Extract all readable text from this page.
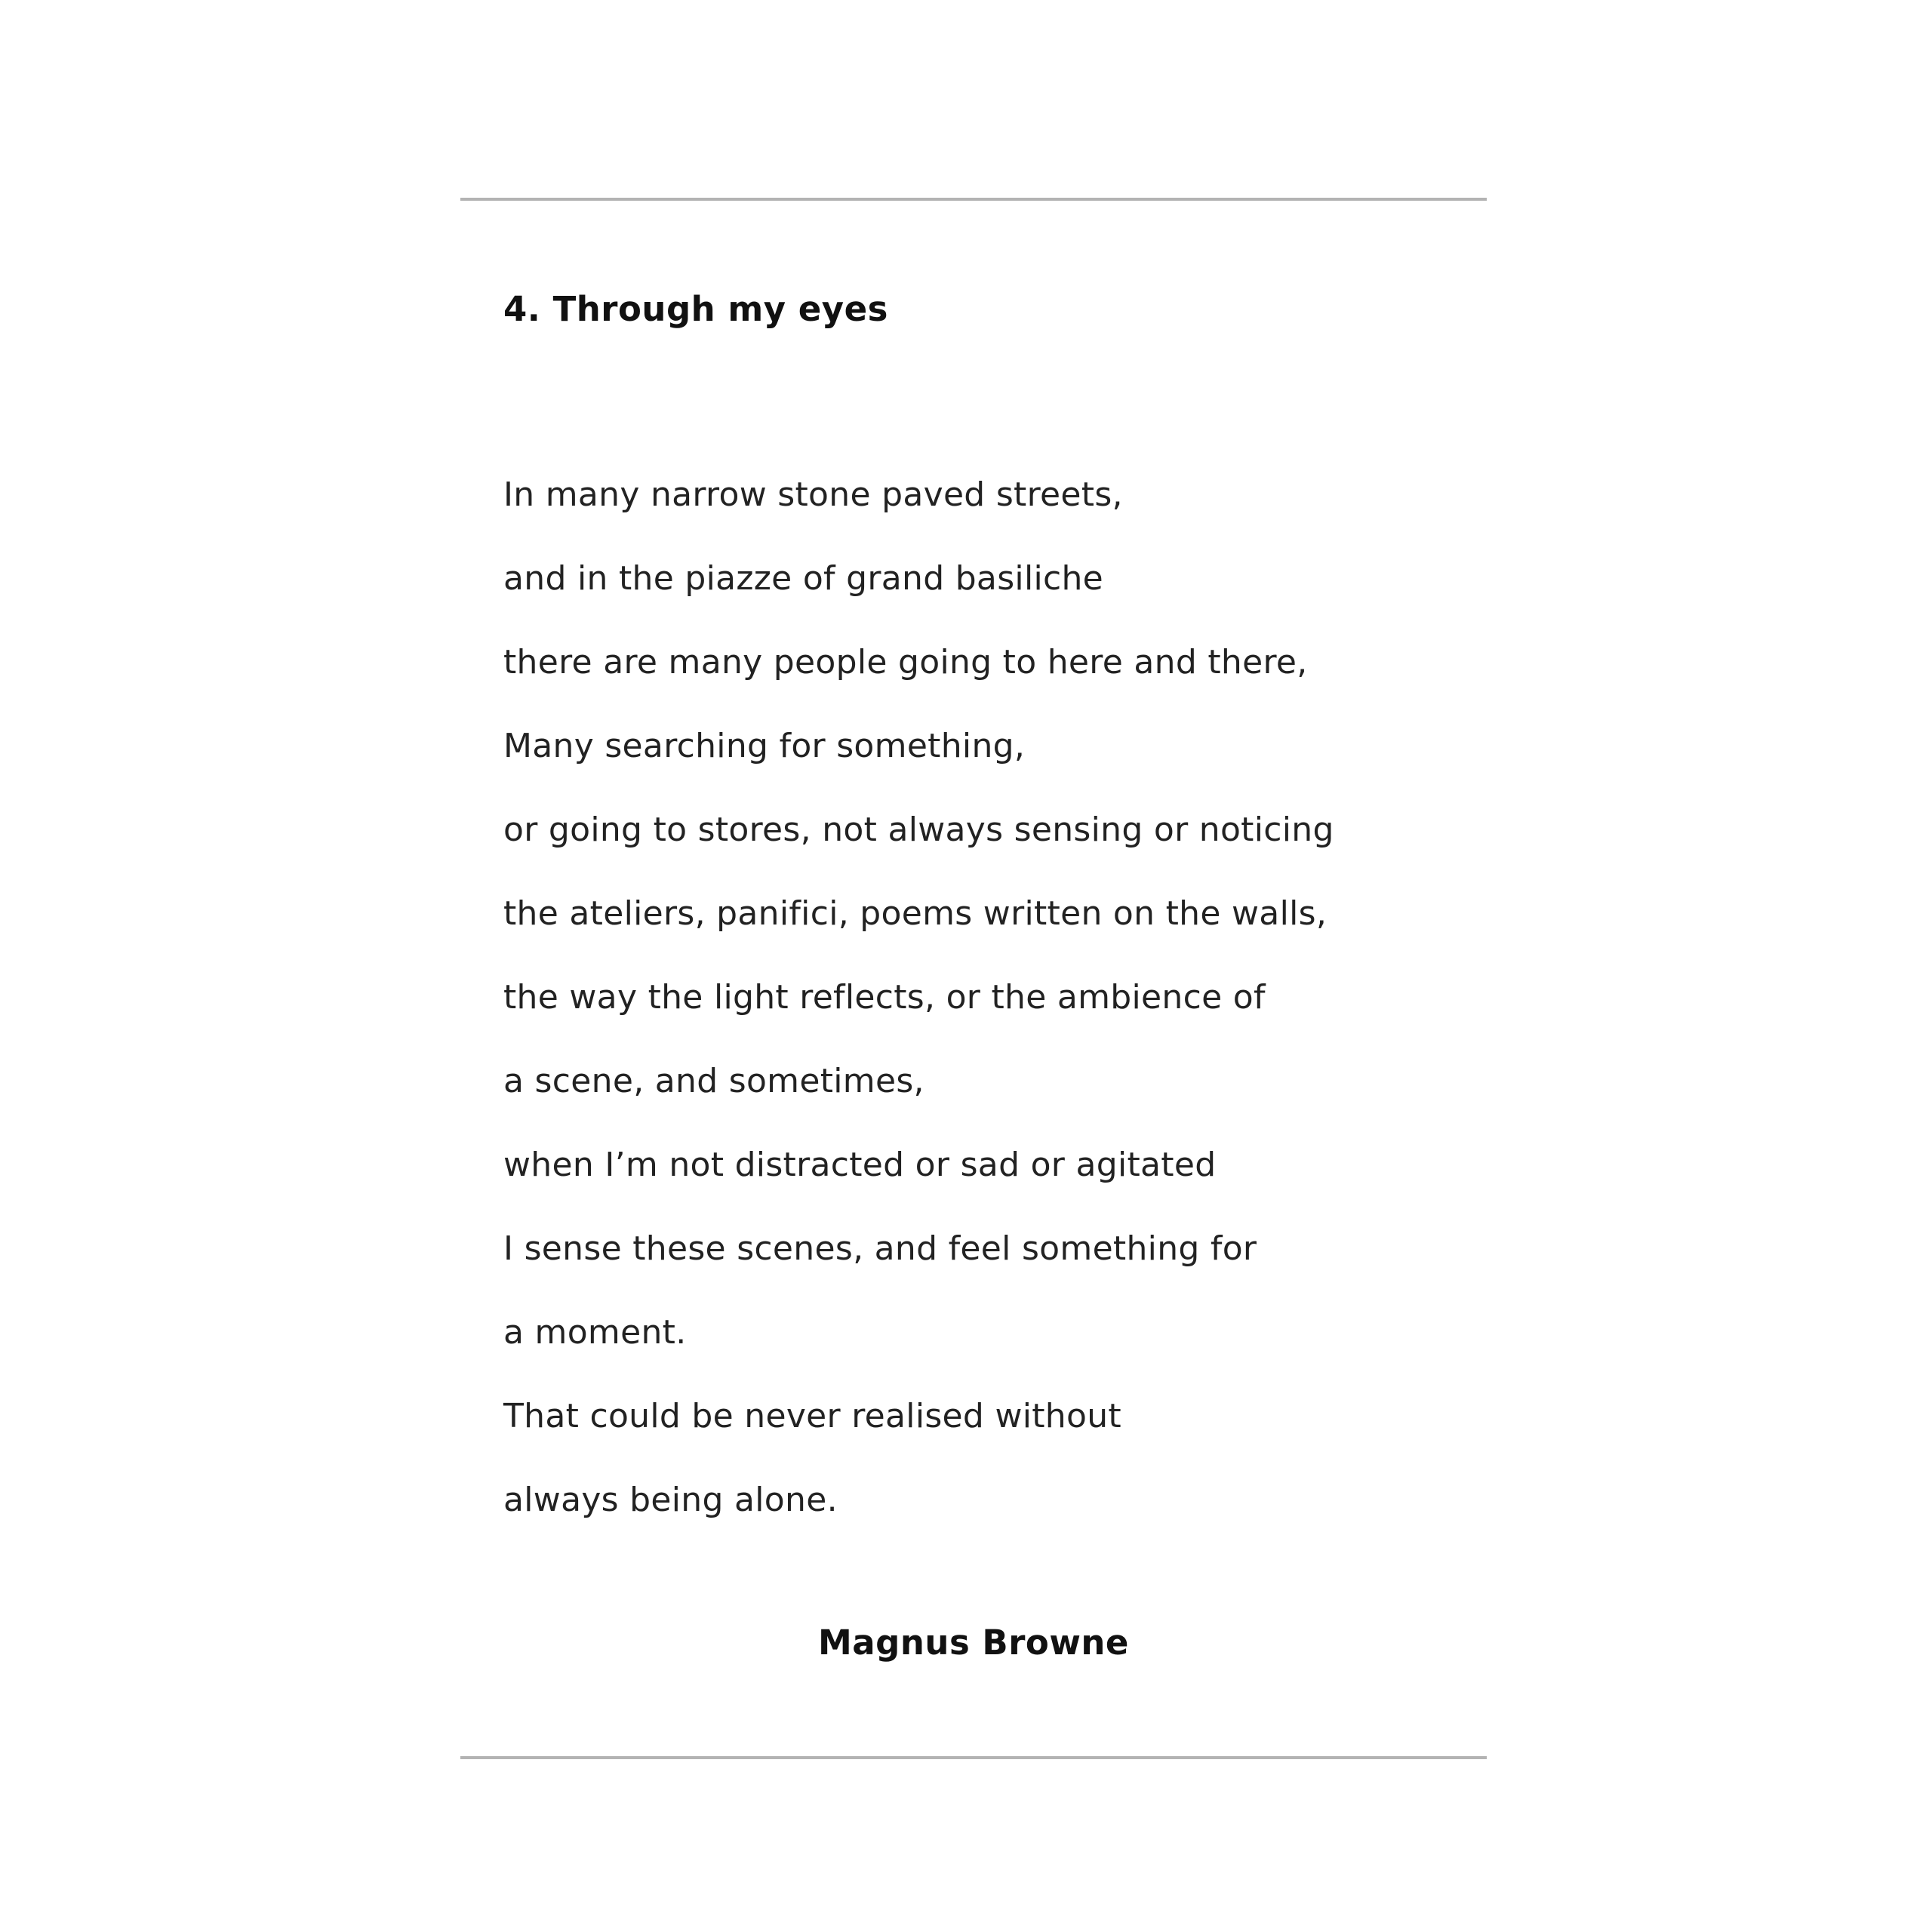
4. Through my eyes
In many narrow stone paved streets,
and in the piazze of grand basiliche
there are many people going to here and there,
Many searching for something,
or going to stores, not always sensing or noticing
the ateliers, panifici, poems written on the walls,
the way the light reflects, or the ambience of
a scene, and sometimes,
when I’m not distracted or sad or agitated
I sense these scenes, and feel something for
a moment.
That could be never realised without
always being alone.
Magnus Browne
